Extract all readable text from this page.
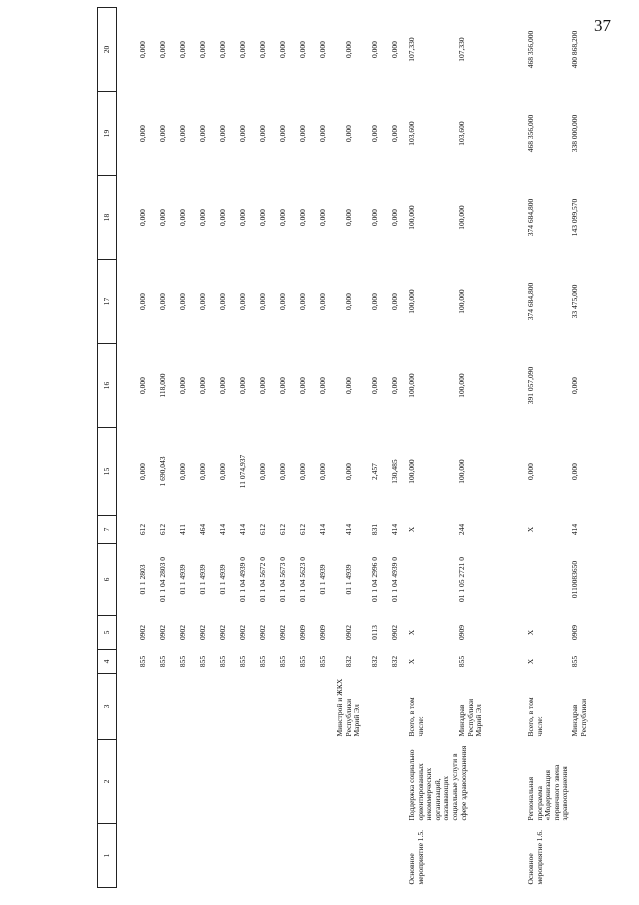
37
1	2	3	4	5	6	7	15	16	17	18	19	20

			855	0902	01 1 2803	612	0,000	0,000	0,000	0,000	0,000	0,000
			855	0902	01 1 04 2803 0	612	1 690,043	118,000	0,000	0,000	0,000	0,000
			855	0902	01 1 4939	411	0,000	0,000	0,000	0,000	0,000	0,000
			855	0902	01 1 4939	464	0,000	0,000	0,000	0,000	0,000	0,000
			855	0902	01 1 4939	414	0,000	0,000	0,000	0,000	0,000	0,000
			855	0902	01 1 04 4939 0	414	11 074,937	0,000	0,000	0,000	0,000	0,000
			855	0902	01 1 04 5672 0	612	0,000	0,000	0,000	0,000	0,000	0,000
			855	0902	01 1 04 5673 0	612	0,000	0,000	0,000	0,000	0,000	0,000
			855	0909	01 1 04 5623 0	612	0,000	0,000	0,000	0,000	0,000	0,000
			855	0909	01 1 4939	414	0,000	0,000	0,000	0,000	0,000	0,000
		Минстрой и ЖКХ Республики Марий Эл	832	0902	01 1 4939	414	0,000	0,000	0,000	0,000	0,000	0,000
			832	0113	01 1 04 2996 0	831	2,457	0,000	0,000	0,000	0,000	0,000
			832	0902	01 1 04 4939 0	414	130,485	0,000	0,000	0,000	0,000	0,000
Основное мероприятие 1.5.	Поддержка социально ориентированных некоммерческих организаций, оказывающих социальные услуги в сфере здравоохранения	Всего, в том числе:	Х	Х		Х	100,000	100,000	100,000	100,000	103,600	107,330
		Минздрав Республики Марий Эл	855	0909	01 1 05 2721 0	244	100,000	100,000	100,000	100,000	103,600	107,330
Основное мероприятие 1.6.	Региональная программа «Модернизация первичного звена здравоохранения	Всего, в том числе:	Х	Х		Х	0,000	391 057,090	374 684,800	374 684,800	468 356,000	468 356,000
		Минздрав Республики	855	0909	0110083650	414	0,000	0,000	33 475,000	143 099,570	338 000,000	400 868,200
